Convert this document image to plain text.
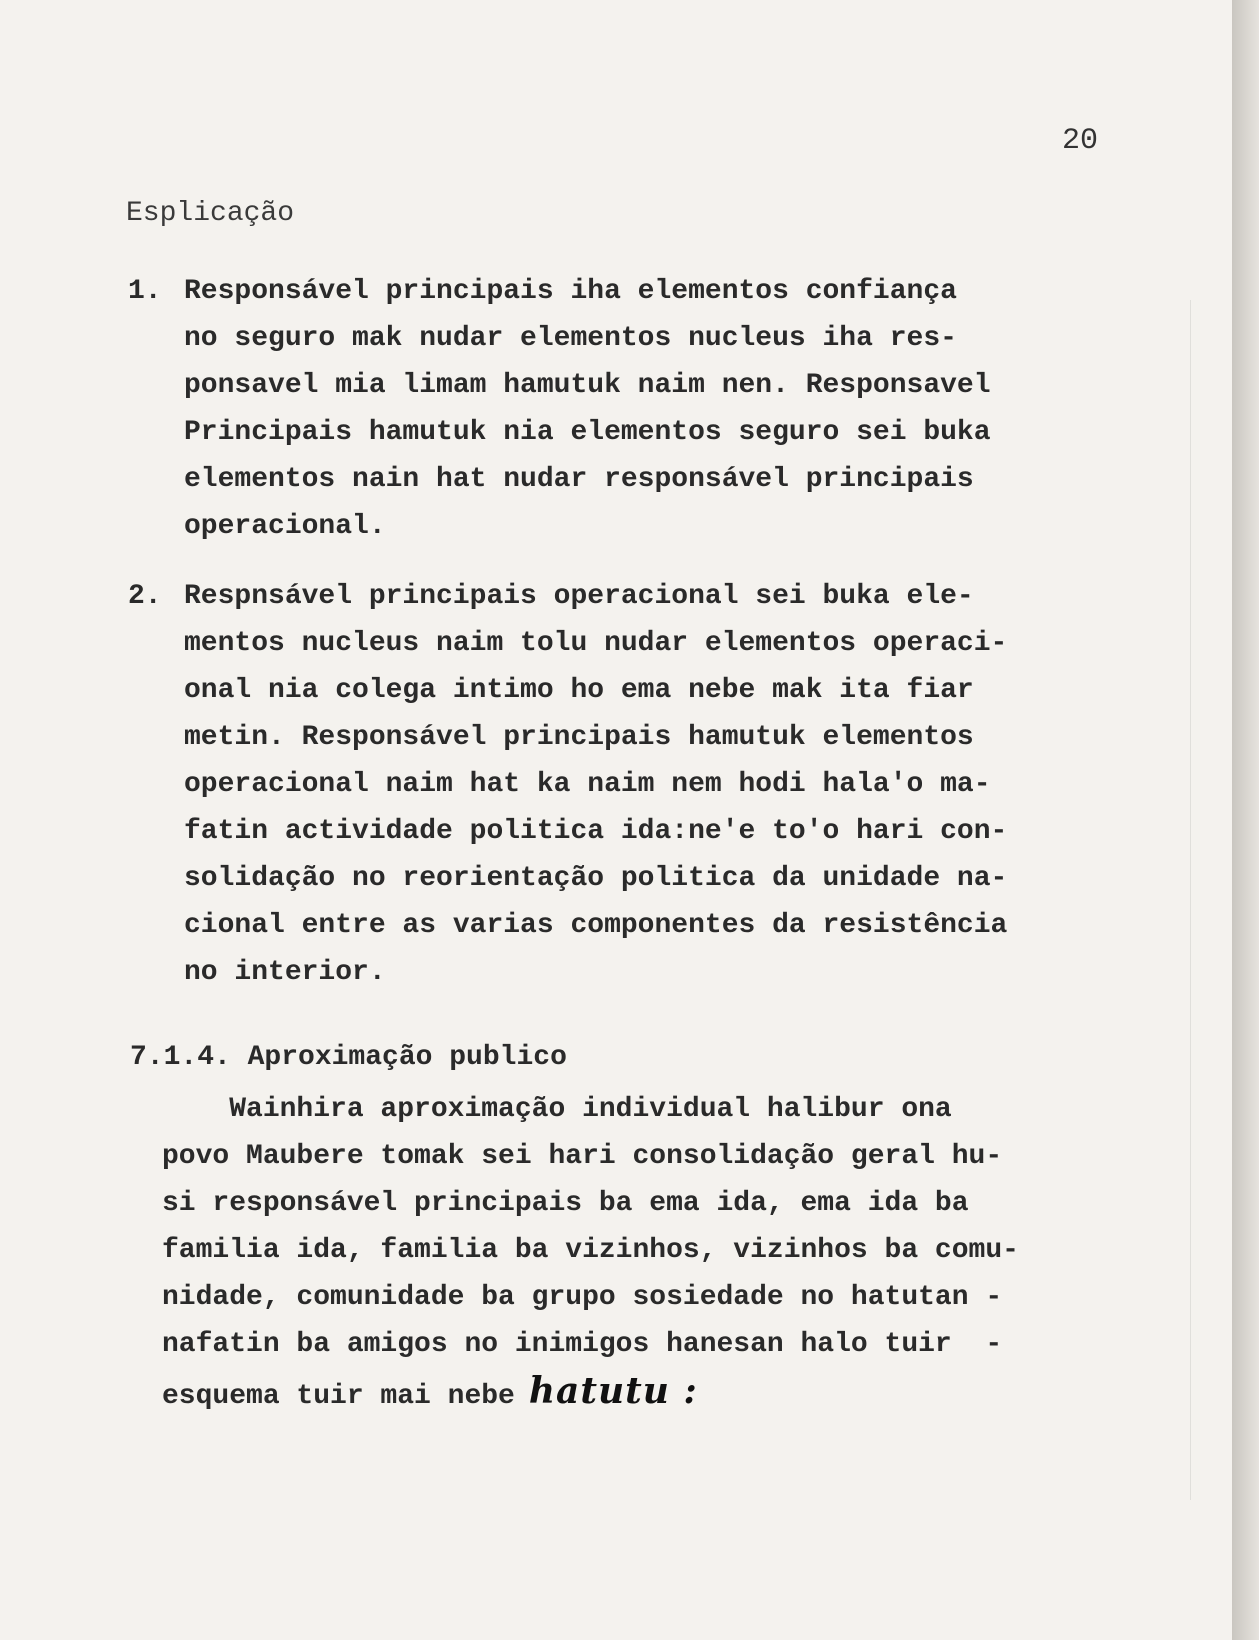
20
Esplicação
1. Responsável principais iha elementos confiança
no seguro mak nudar elementos nucleus iha res-
ponsavel mia limam hamutuk naim nen. Responsavel
Principais hamutuk nia elementos seguro sei buka
elementos nain hat nudar responsável principais
operacional.
2. Respnsável principais operacional sei buka ele-
mentos nucleus naim tolu nudar elementos operaci-
onal nia colega intimo ho ema nebe mak ita fiar
metin. Responsável principais hamutuk elementos
operacional naim hat ka naim nem hodi hala'o ma-
fatin actividade politica ida:ne'e to'o hari con-
solidação no reorientação politica da unidade na-
cional entre as varias componentes da resistência
no interior.
7.1.4. Aproximação publico
Wainhira aproximação individual halibur ona
povo Maubere tomak sei hari consolidação geral hu-
si responsável principais ba ema ida, ema ida ba
familia ida, familia ba vizinhos, vizinhos ba comu-
nidade, comunidade ba grupo sosiedade no hatutan -
nafatin ba amigos no inimigos hanesan halo tuir  -
esquema tuir mai nebe hatutu :
